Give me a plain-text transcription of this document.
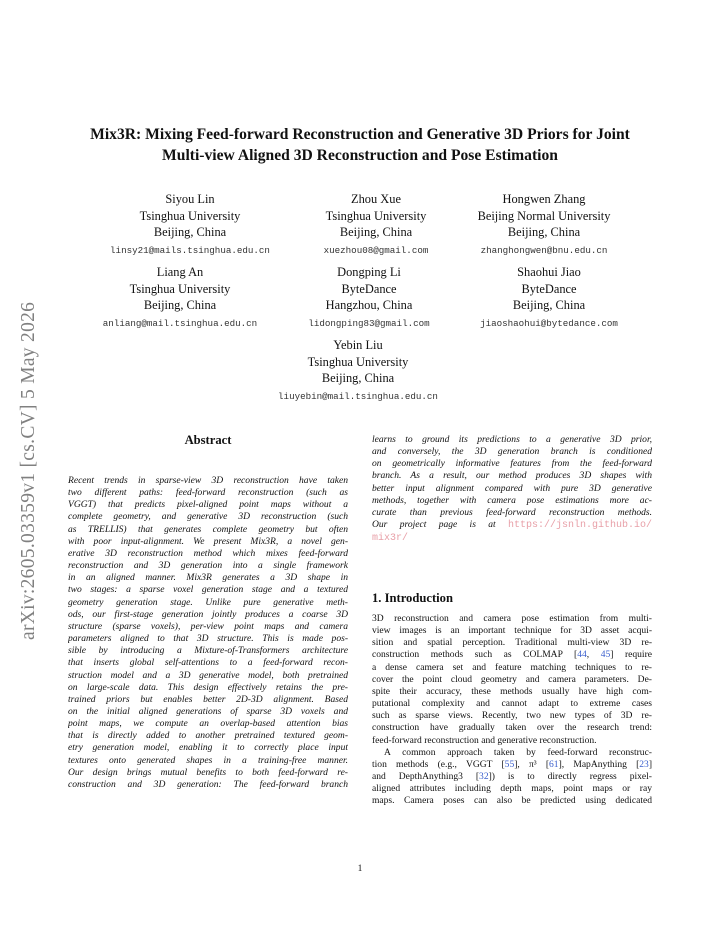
arXiv:2605.03359v1 [cs.CV] 5 May 2026
Mix3R: Mixing Feed-forward Reconstruction and Generative 3D Priors for Joint
Multi-view Aligned 3D Reconstruction and Pose Estimation
Siyou Lin
Tsinghua University
Beijing, China
linsy21@mails.tsinghua.edu.cn
Zhou Xue
Tsinghua University
Beijing, China
xuezhou08@gmail.com
Hongwen Zhang
Beijing Normal University
Beijing, China
zhanghongwen@bnu.edu.cn
Liang An
Tsinghua University
Beijing, China
anliang@mail.tsinghua.edu.cn
Dongping Li
ByteDance
Hangzhou, China
lidongping83@gmail.com
Shaohui Jiao
ByteDance
Beijing, China
jiaoshaohui@bytedance.com
Yebin Liu
Tsinghua University
Beijing, China
liuyebin@mail.tsinghua.edu.cn
Abstract

Recent trends in sparse-view 3D reconstruction have taken
two different paths: feed-forward reconstruction (such as
VGGT) that predicts pixel-aligned point maps without a
complete geometry, and generative 3D reconstruction (such
as TRELLIS) that generates complete geometry but often
with poor input-alignment. We present Mix3R, a novel gen-
erative 3D reconstruction method which mixes feed-forward
reconstruction and 3D generation into a single framework
in an aligned manner. Mix3R generates a 3D shape in
two stages: a sparse voxel generation stage and a textured
geometry generation stage. Unlike pure generative meth-
ods, our first-stage generation jointly produces a coarse 3D
structure (sparse voxels), per-view point maps and camera
parameters aligned to that 3D structure. This is made pos-
sible by introducing a Mixture-of-Transformers architecture
that inserts global self-attentions to a feed-forward recon-
struction model and a 3D generative model, both pretrained
on large-scale data. This design effectively retains the pre-
trained priors but enables better 2D-3D alignment. Based
on the initial aligned generations of sparse 3D voxels and
point maps, we compute an overlap-based attention bias
that is directly added to another pretrained textured geom-
etry generation model, enabling it to correctly place input
textures onto generated shapes in a training-free manner.
Our design brings mutual benefits to both feed-forward re-
construction and 3D generation: The feed-forward branch

learns to ground its predictions to a generative 3D prior,
and conversely, the 3D generation branch is conditioned
on geometrically informative features from the feed-forward
branch. As a result, our method produces 3D shapes with
better input alignment compared with pure 3D generative
methods, together with camera pose estimations more ac-
curate than previous feed-forward reconstruction methods.

Our project page is at https://jsnln.github.io/
mix3r/

1. Introduction

3D reconstruction and camera pose estimation from multi-
view images is an important technique for 3D asset acqui-
sition and spatial perception. Traditional multi-view 3D re-
construction methods such as COLMAP [44, 45] require
a dense camera set and feature matching techniques to re-
cover the point cloud geometry and camera parameters. De-
spite their accuracy, these methods usually have high com-
putational complexity and cannot adapt to extreme cases
such as sparse views. Recently, two new types of 3D re-
construction have gradually taken over the research trend:
feed-forward reconstruction and generative reconstruction.

A common approach taken by feed-forward reconstruc-
tion methods (e.g., VGGT [55], π³ [61], MapAnything [23]
and DepthAnything3 [32]) is to directly regress pixel-
aligned attributes including depth maps, point maps or ray
maps. Camera poses can also be predicted using dedicated

1
